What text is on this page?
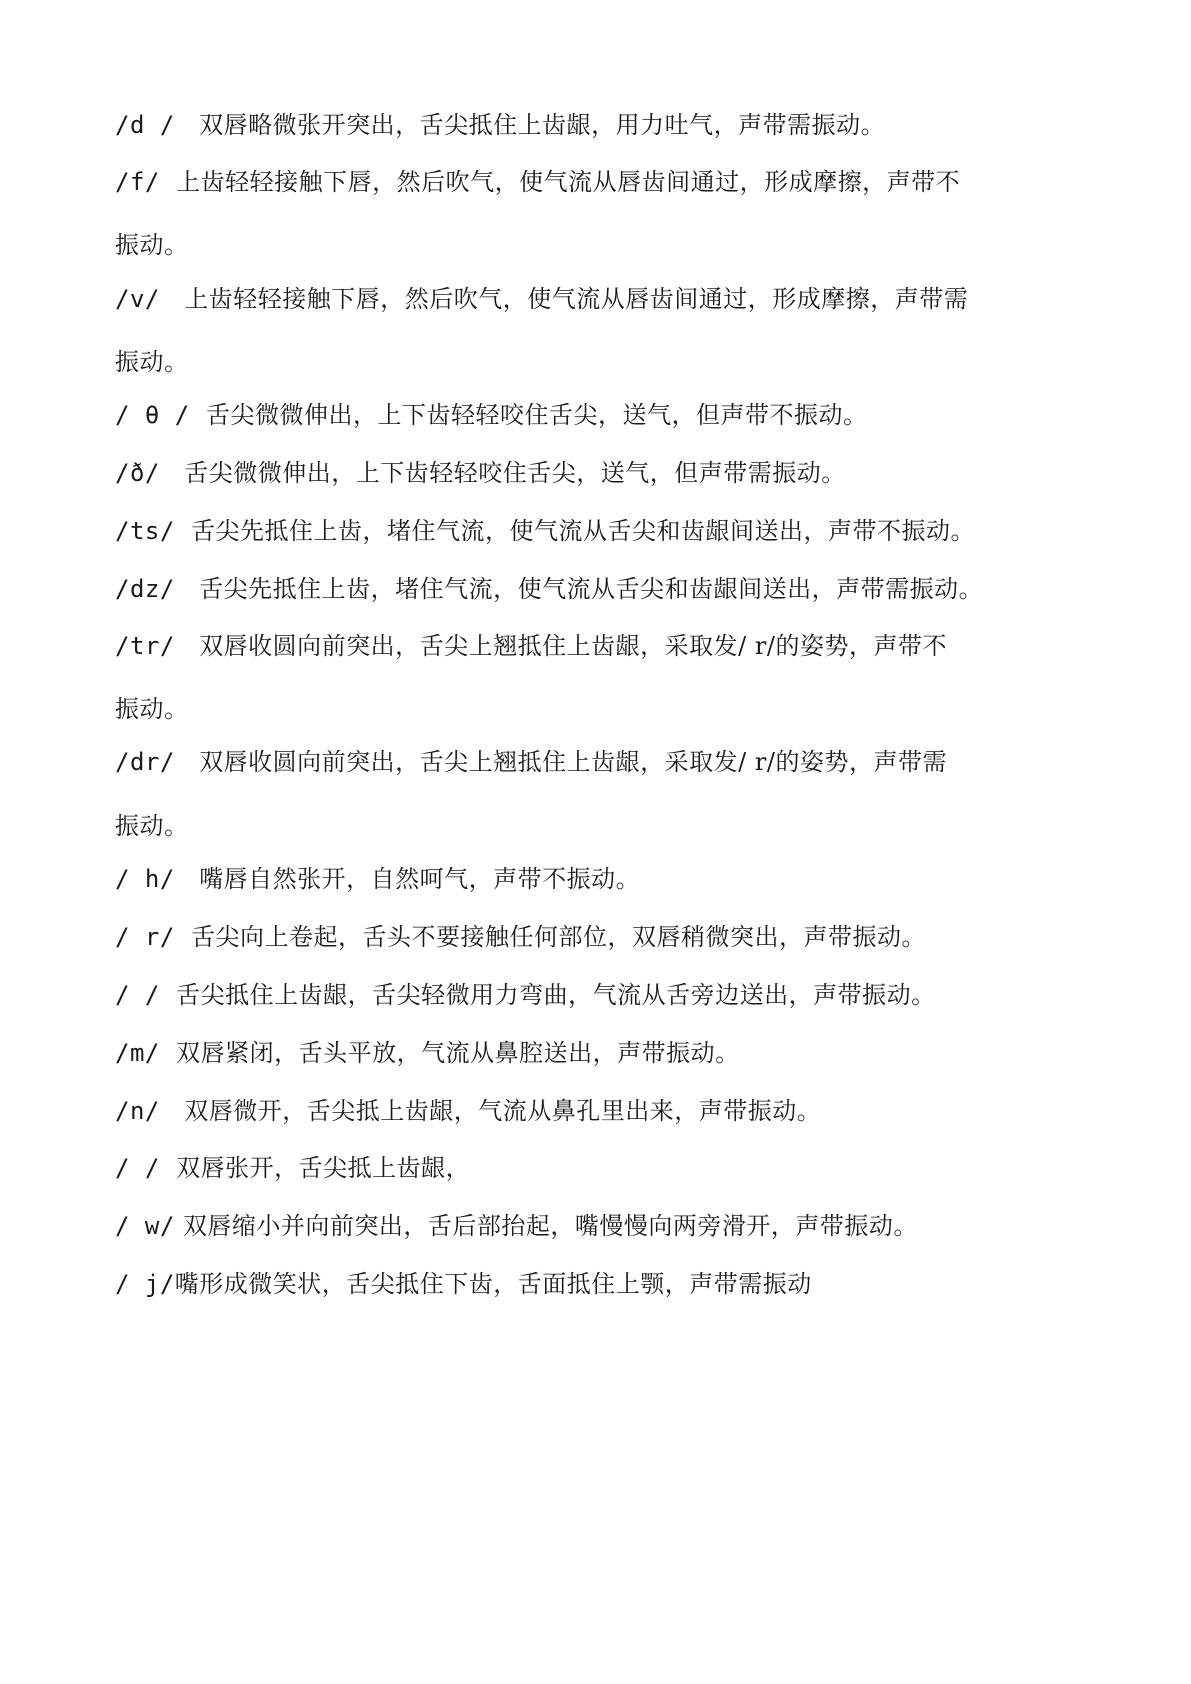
/d / 双唇略微张开突出，舌尖抵住上齿龈，用力吐气，声带需振动。
/f/ 上齿轻轻接触下唇，然后吹气，使气流从唇齿间通过，形成摩擦，声带不
振动。
/v/ 上齿轻轻接触下唇，然后吹气，使气流从唇齿间通过，形成摩擦，声带需
振动。
/ θ / 舌尖微微伸出，上下齿轻轻咬住舌尖，送气，但声带不振动。
/ð/ 舌尖微微伸出，上下齿轻轻咬住舌尖，送气，但声带需振动。
/ts/ 舌尖先抵住上齿，堵住气流，使气流从舌尖和齿龈间送出，声带不振动。
/dz/ 舌尖先抵住上齿，堵住气流，使气流从舌尖和齿龈间送出，声带需振动。
/tr/ 双唇收圆向前突出，舌尖上翘抵住上齿龈，采取发/ r/的姿势，声带不
振动。
/dr/ 双唇收圆向前突出，舌尖上翘抵住上齿龈，采取发/ r/的姿势，声带需
振动。
/ h/ 嘴唇自然张开，自然呵气，声带不振动。
/ r/ 舌尖向上卷起，舌头不要接触任何部位，双唇稍微突出，声带振动。
/ / 舌尖抵住上齿龈，舌尖轻微用力弯曲，气流从舌旁边送出，声带振动。
/m/ 双唇紧闭，舌头平放，气流从鼻腔送出，声带振动。
/n/ 双唇微开，舌尖抵上齿龈，气流从鼻孔里出来，声带振动。
/ / 双唇张开，舌尖抵上齿龈，
/ w/ 双唇缩小并向前突出，舌后部抬起，嘴慢慢向两旁滑开，声带振动。
/ j/嘴形成微笑状，舌尖抵住下齿，舌面抵住上颚，声带需振动
